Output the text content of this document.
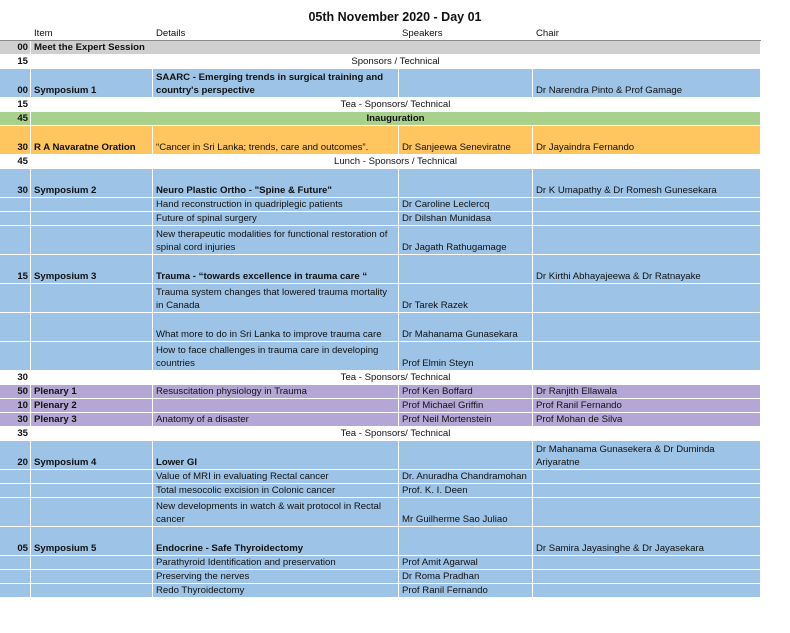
05th November 2020 - Day 01
	Item	Details	Speakers	Chair
00	Meet the Expert Session			
15	Sponsors / Technical			
00	Symposium 1	SAARC - Emerging trends in surgical training and country's perspective		Dr Narendra Pinto & Prof Gamage
15	Tea - Sponsors/ Technical			
45	Inauguration			
30	R A Navaratne Oration	“Cancer in Sri Lanka; trends, care and outcomes”.	Dr Sanjeewa Seneviratne	Dr Jayaindra Fernando
45	Lunch - Sponsors / Technical			
30	Symposium 2	Neuro Plastic Ortho - "Spine & Future"		Dr K Umapathy & Dr Romesh Gunesekara
		Hand reconstruction in quadriplegic patients	Dr Caroline Leclercq	
		Future of spinal surgery	Dr Dilshan Munidasa	
		New therapeutic modalities for functional restoration of spinal cord injuries	Dr Jagath Rathugamage	
15	Symposium 3	Trauma - “towards excellence in trauma care “		Dr Kirthi Abhayajeewa & Dr Ratnayake
		Trauma system changes that lowered trauma mortality in Canada	Dr Tarek Razek	
		What more to do in Sri Lanka to improve trauma care	Dr Mahanama Gunasekara	
		How to face challenges in trauma care in developing countries	Prof Elmin Steyn	
30	Tea - Sponsors/ Technical			
50	Plenary 1	Resuscitation physiology in Trauma	Prof Ken Boffard	Dr Ranjith Ellawala
10	Plenary 2		Prof Michael Griffin	Prof Ranil Fernando
30	Plenary 3	Anatomy of a disaster	Prof Neil Mortenstein	Prof Mohan de Silva
35	Tea - Sponsors/ Technical			
20	Symposium 4	Lower GI		Dr Mahanama Gunasekera & Dr Duminda Ariyaratne
		Value of MRI in evaluating Rectal cancer	Dr. Anuradha Chandramohan	
		Total mesocolic excision in Colonic cancer	Prof. K. I. Deen	
		New developments in watch & wait protocol in Rectal cancer	Mr Guilherme Sao Juliao	
05	Symposium 5	Endocrine - Safe Thyroidectomy		Dr Samira Jayasinghe & Dr Jayasekara
		Parathyroid Identification and preservation	Prof Amit Agarwal	
		Preserving the nerves	Dr Roma Pradhan	
		Redo Thyroidectomy	Prof Ranil Fernando	
